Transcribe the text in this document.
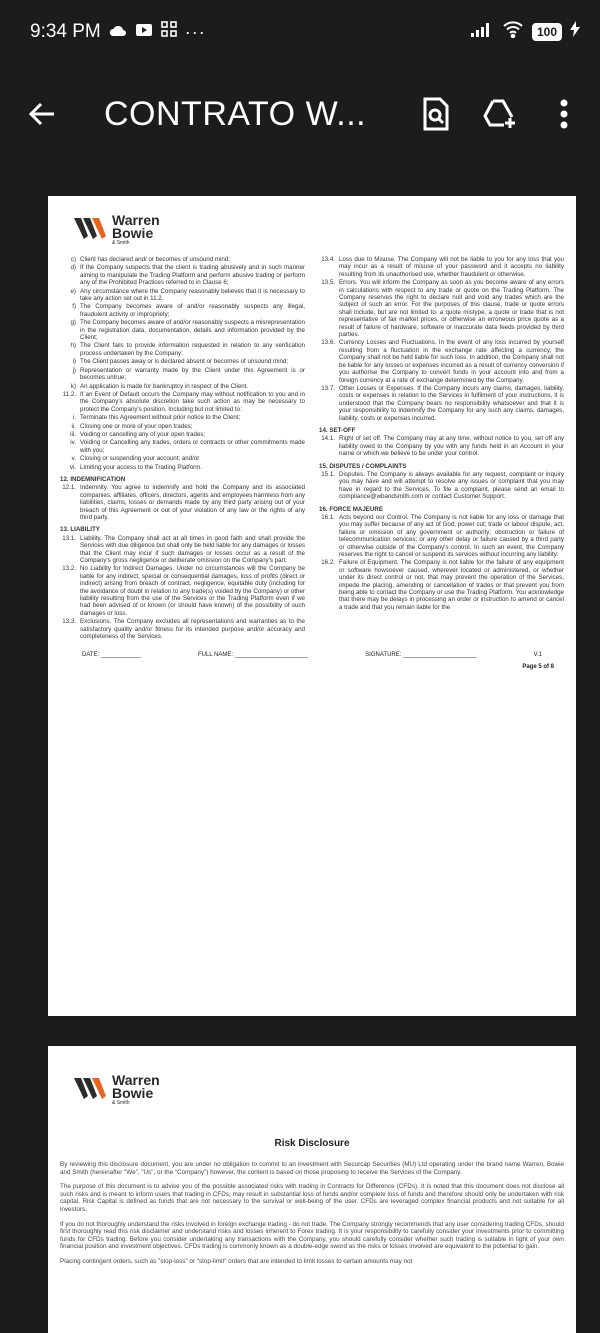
9:34 PM	···	100
CONTRATO W...
Warren
Bowie
& Smith
c) Client has declared and/ or becomes of unsound mind;
d) If the Company suspects that the client is trading abusively and in such manner aiming to manipulate the Trading Platform and perform abusive trading or perform any of the Prohibited Practices referred to in Clause 6;
e) Any circumstance where the Company reasonably believes that it is necessary to take any action set out in 11.2.
f) The Company becomes aware of and/or reasonably suspects any illegal, fraudulent activity or impropriety;
g) The Company becomes aware of and/or reasonably suspects a misrepresentation in the registration data, documentation, details and information provided by the Client;
h) The Client fails to provide information requested in relation to any verification process undertaken by the Company;
i) The Client passes away or is declared absent or becomes of unsound mind;
j) Representation or warranty made by the Client under this Agreement is or becomes untrue;
k) An application is made for bankruptcy in respect of the Client.
11.2. If an Event of Default occurs the Company may without notification to you and in the Company's absolute discretion take such action as may be necessary to protect the Company's position. Including but not limited to:
i. Terminate this Agreement without prior notice to the Client;
ii. Closing one or more of your open trades;
iii. Voiding or cancelling any of your open trades;
iv. Voiding or Cancelling any trades, orders or contracts or other commitments made with you;
v. Closing or suspending your account; and/or
vi. Limiting your access to the Trading Platform.
12. INDEMNIFICATION
12.1. Indemnity. You agree to indemnify and hold the Company and its associated companies, affiliates, officers, directors, agents and employees harmless from any liabilities, claims, losses or demands made by any third party arising out of your breach of this Agreement or out of your violation of any law or the rights of any third party.
13. LIABILITY
13.1. Liability. The Company shall act at all times in good faith and shall provide the Services with due diligence but shall only be held liable for any damages or losses that the Client may incur if such damages or losses occur as a result of the Company's gross negligence or deliberate omission on the Company's part.
13.2. No Liability for Indirect Damages. Under no circumstances will the Company be liable for any indirect, special or consequential damages, loss of profits (direct or indirect) arising from breach of contract, negligence, equitable duty (including for the avoidance of doubt in relation to any trade(s) voided by the Company) or other liability resulting from the use of the Services or the Trading Platform even if we had been advised of or known (or should have known) of the possibility of such damages or loss.
13.3. Exclusions. The Company excludes all representations and warranties as to the satisfactory quality and/or fitness for its intended purpose and/or accuracy and completeness of the Services.
13.4. Loss due to Misuse. The Company will not be liable to you for any loss that you may incur as a result of misuse of your password and it accepts no liability resulting from its unauthorised use, whether fraudulent or otherwise.
13.5. Errors. You will inform the Company as soon as you become aware of any errors in calculations with respect to any trade or quote on the Trading Platform. The Company reserves the right to declare null and void any trades which are the subject of such an error. For the purposes of this clause, trade or quote errors shall include, but are not limited to: a quote mistype, a quote or trade that is not representative of fair market prices, or otherwise an erroneous price quote as a result of failure of hardware, software or inaccurate data feeds provided by third parties.
13.6. Currency Losses and Fluctuations. In the event of any loss incurred by yourself resulting from a fluctuation in the exchange rate affecting a currency, the Company shall not be held liable for such loss. In addition, the Company shall not be liable for any losses or expenses incurred as a result of currency conversion if you authorise the Company to convert funds in your account into and from a foreign currency at a rate of exchange determined by the Company.
13.7. Other Losses or Expenses. If the Company incurs any claims, damages, liability, costs or expenses in relation to the Services in fulfilment of your instructions, it is understood that the Company bears no responsibility whatsoever and that it is your responsibility to indemnify the Company for any such any claims, damages, liability, costs or expenses incurred.
14. SET-OFF
14.1. Right of set off. The Company may at any time, without notice to you, set off any liability owed to the Company by you with any funds held in an Account in your name or which we believe to be under your control.
15. DISPUTES / COMPLAINTS
15.1. Disputes. The Company is always available for any request, complaint or inquiry you may have and will attempt to resolve any issues or complaint that you may have in regard to the Services. To file a complaint, please send an email to compliance@wbandsmith.com or contact Customer Support.
16. FORCE MAJEURE
16.1. Acts beyond our Control. The Company is not liable for any loss or damage that you may suffer because of any act of God; power cut; trade or labour dispute, act, failure or omission of any government or authority; obstruction or failure of telecommunication services; or any other delay or failure caused by a third party or otherwise outside of the Company's control. In such an event, the Company reserves the right to cancel or suspend its services without incurring any liability.
16.2. Failure of Equipment. The Company is not liable for the failure of any equipment or software howsoever caused, wherever located or administered, or whether under its direct control or not, that may prevent the operation of the Services, impede the placing, amending or cancellation of trades or that prevent you from being able to contact the Company or use the Trading Platform. You acknowledge that there may be delays in processing an order or instruction to amend or cancel a trade and that you remain liable for the
DATE: ____________	FULL NAME: ______________________	SIGNATURE: ______________________	V.1
Page 5 of 8
Warren
Bowie
& Smith
Risk Disclosure

By reviewing this disclosure document, you are under no obligation to commit to an investment with Securcap Securities (MU) Ltd operating under the brand name Warren, Bowie and Smith (hereinafter "We", "Us", or the "Company") however, the content is based on those proposing to receive the Services of the Company.

The purpose of this document is to advise you of the possible associated risks with trading in Contracts for Difference (CFDs). It is noted that this document does not disclose all such risks and is meant to inform users that trading in CFDs, may result in substantial loss of funds and/or complete loss of funds and therefore should only be undertaken with risk capital. Risk Capital is defined as funds that are not necessary to the survival or well-being of the user. CFDs are leveraged complex financial products and not suitable for all investors.

If you do not thoroughly understand the risks involved in foreign exchange trading - do not trade. The Company strongly recommends that any user considering trading CFDs, should first thoroughly read this risk disclaimer and understand risks and losses inherent to Forex trading. It is your responsibility to carefully consider your investments prior to committing funds for CFDs trading. Before you consider undertaking any transactions with the Company, you should carefully consider whether such trading is suitable in light of your own financial position and investment objectives. CFDs trading is commonly known as a double-edge sword as the risks or losses involved are equivalent to the potential to gain.

Placing contingent orders, such as "stop-loss" or "stop-limit" orders that are intended to limit losses to certain amounts may not
